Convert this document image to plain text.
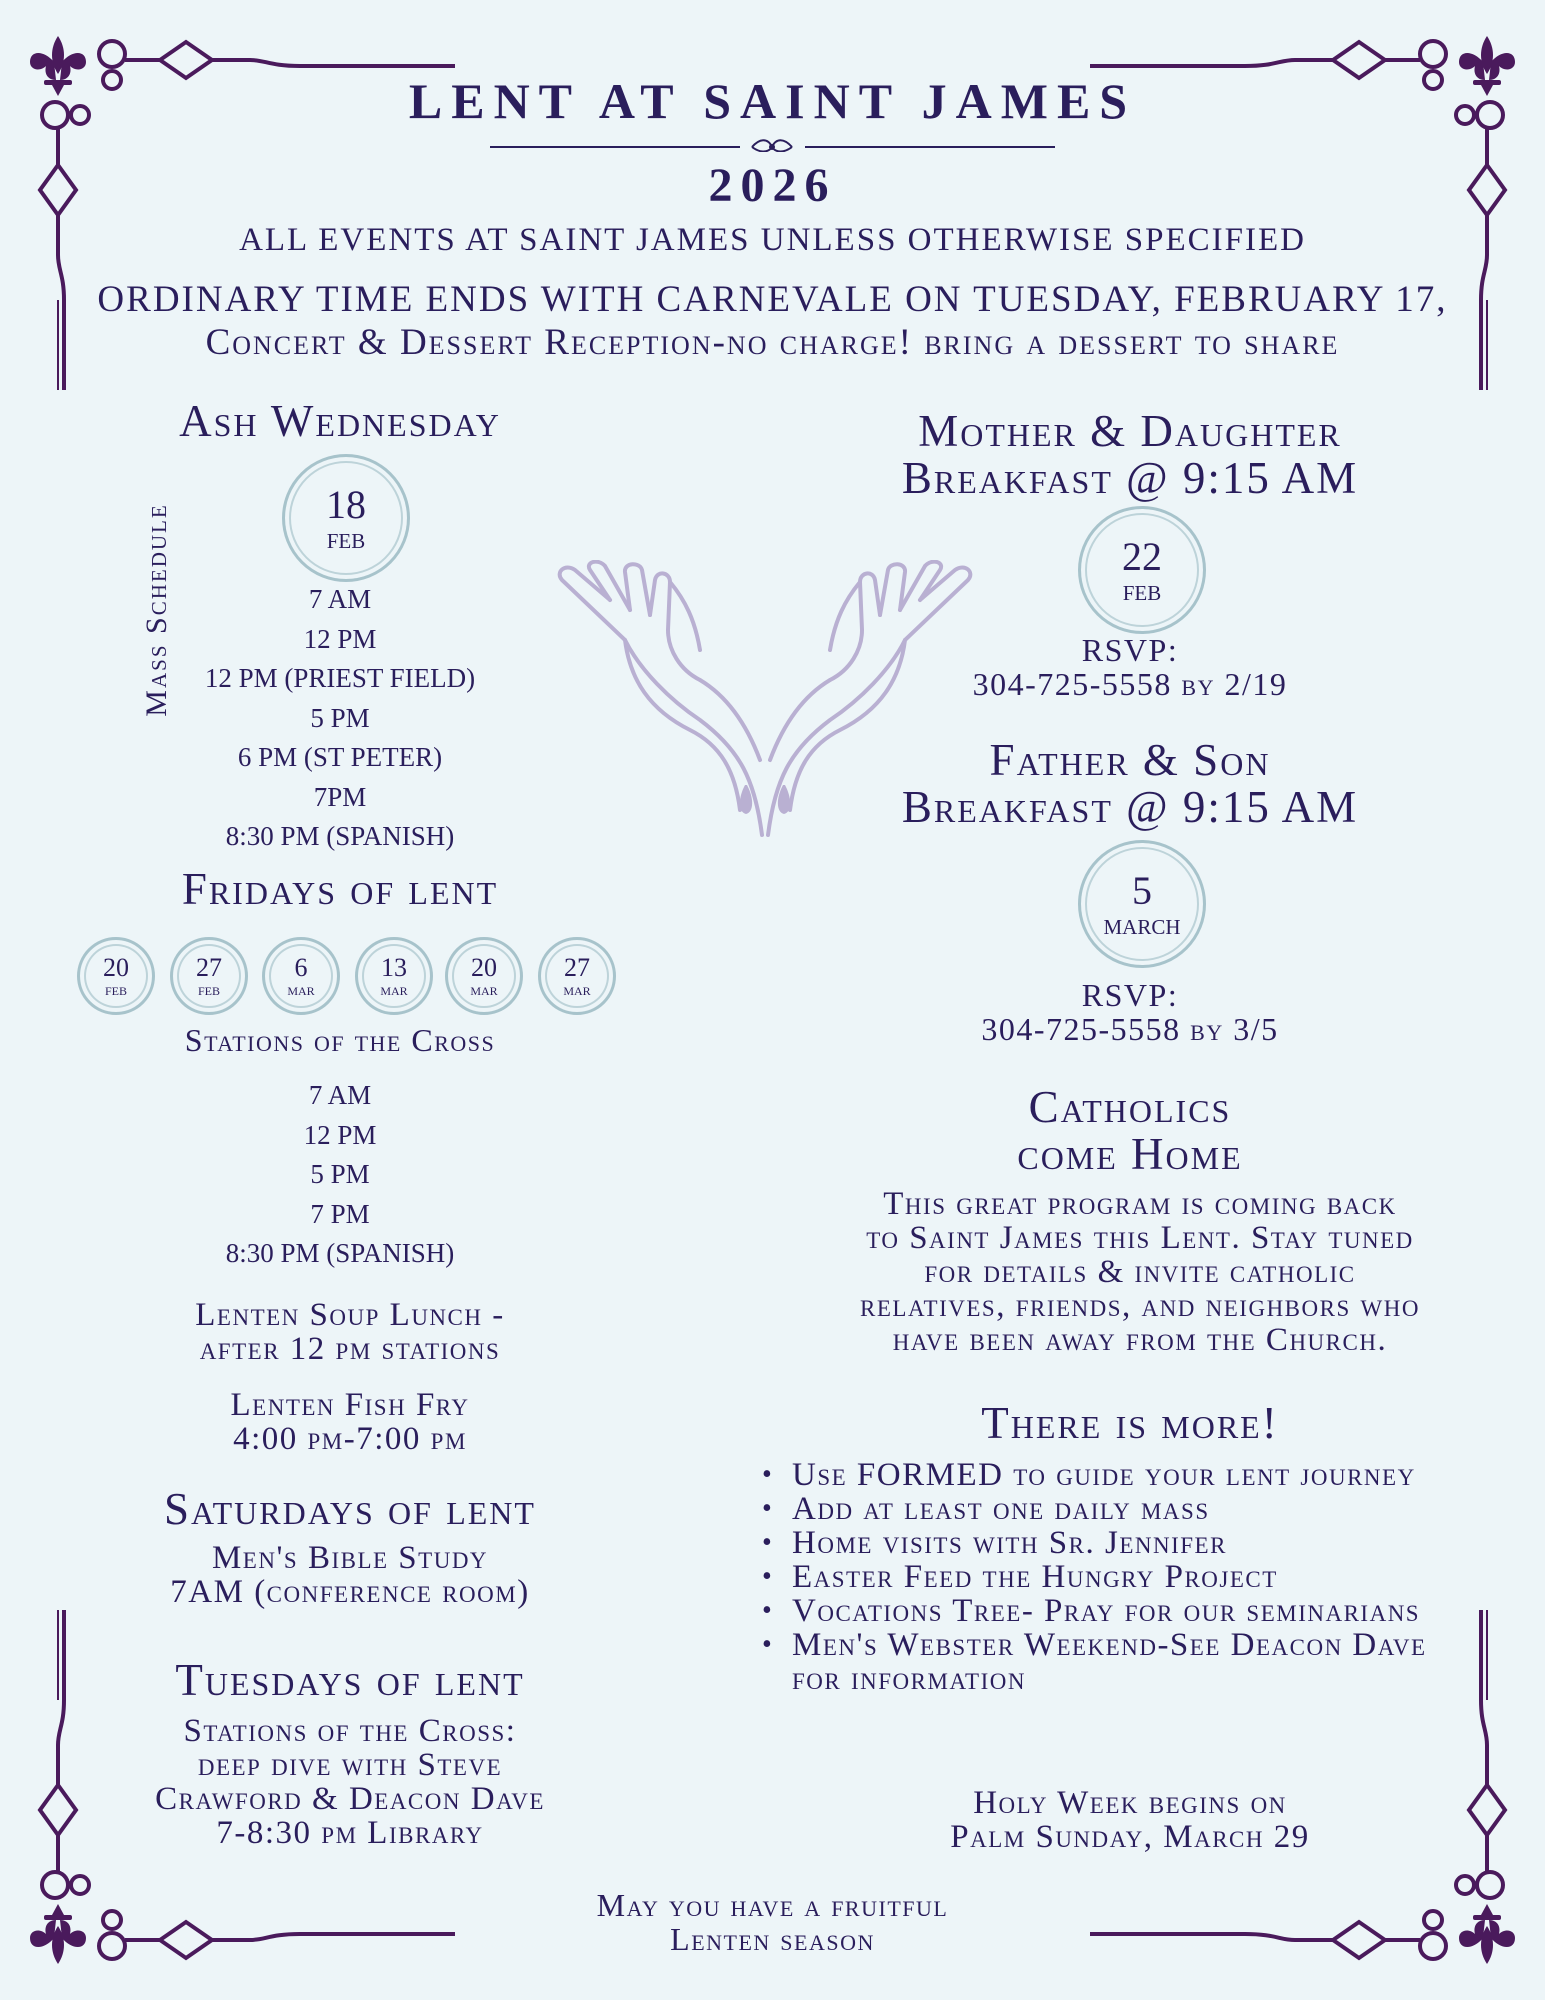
LENT AT SAINT JAMES
2026
ALL EVENTS AT SAINT JAMES UNLESS OTHERWISE SPECIFIED
ORDINARY TIME ENDS WITH CARNEVALE ON TUESDAY, FEBRUARY 17,
Concert & Dessert Reception-no charge! bring a dessert to share
Ash Wednesday
18
FEB
Mass Schedule	7 AM
12 PM
12 PM (PRIEST FIELD)
5 PM
6 PM (ST PETER)
7PM
8:30 PM (SPANISH)
Fridays of lent
20
FEB
27
FEB
6
MAR
13
MAR
20
MAR
27
MAR
Stations of the Cross
7 AM
12 PM
5 PM
7 PM
8:30 PM (SPANISH)
Lenten Soup Lunch -
after 12 pm stations
Lenten Fish Fry
4:00 pm-7:00 pm
Saturdays of lent
Men's Bible Study
7AM (conference room)
Tuesdays of lent
Stations of the Cross:
deep dive with Steve
Crawford & Deacon Dave
7-8:30 pm Library
Mother & Daughter
Breakfast @ 9:15 AM
22
FEB
RSVP:
304-725-5558 by 2/19
Father & Son
Breakfast @ 9:15 AM
5
MARCH
RSVP:
304-725-5558 by 3/5
Catholics
come Home
This great program is coming back
to Saint James this Lent. Stay tuned
for details & invite catholic
relatives, friends, and neighbors who
have been away from the Church.
There is more!
• Use FORMED to guide your lent journey
• Add at least one daily mass
• Home visits with Sr. Jennifer
• Easter Feed the Hungry Project
• Vocations Tree- Pray for our seminarians
• Men's Webster Weekend-See Deacon Dave for information
Holy Week begins on
Palm Sunday, March 29
May you have a fruitful
Lenten season
